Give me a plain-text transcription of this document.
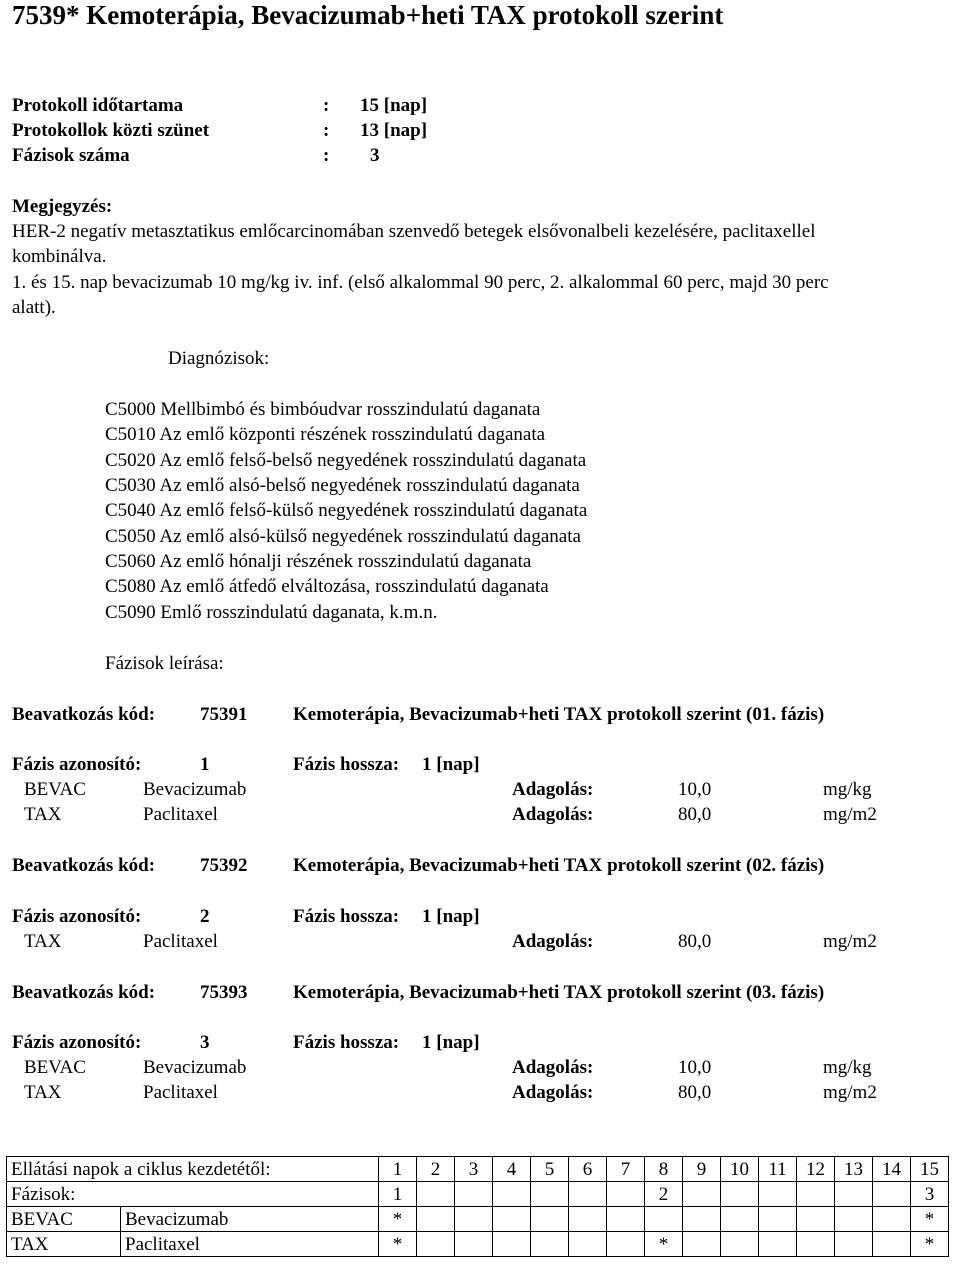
7539* Kemoterápia, Bevacizumab+heti TAX protokoll szerint
Protokoll időtartama	: 15 [nap]
Protokollok közti szünet	: 13 [nap]
Fázisok száma	: 3
Megjegyzés:
HER-2 negatív metasztatikus emlőcarcinomában szenvedő betegek elsővonalbeli kezelésére, paclitaxellel
kombinálva.
1. és 15. nap bevacizumab 10 mg/kg iv. inf. (első alkalommal 90 perc, 2. alkalommal 60 perc, majd 30 perc
alatt).
Diagnózisok:
C5000 Mellbimbó és bimbóudvar rosszindulatú daganata
C5010 Az emlő központi részének rosszindulatú daganata
C5020 Az emlő felső-belső negyedének rosszindulatú daganata
C5030 Az emlő alsó-belső negyedének rosszindulatú daganata
C5040 Az emlő felső-külső negyedének rosszindulatú daganata
C5050 Az emlő alsó-külső negyedének rosszindulatú daganata
C5060 Az emlő hónalji részének rosszindulatú daganata
C5080 Az emlő átfedő elváltozása, rosszindulatú daganata
C5090 Emlő rosszindulatú daganata, k.m.n.
Fázisok leírása:
Beavatkozás kód: 75391 Kemoterápia, Bevacizumab+heti TAX protokoll szerint (01. fázis)
Fázis azonosító:	1	Fázis hossza: 1 [nap]
BEVAC	Bevacizumab	Adagolás:	10,0	mg/kg
TAX	Paclitaxel	Adagolás:	80,0	mg/m2
Beavatkozás kód: 75392 Kemoterápia, Bevacizumab+heti TAX protokoll szerint (02. fázis)
Fázis azonosító:	2	Fázis hossza: 1 [nap]
TAX	Paclitaxel	Adagolás:	80,0	mg/m2
Beavatkozás kód: 75393 Kemoterápia, Bevacizumab+heti TAX protokoll szerint (03. fázis)
Fázis azonosító:	3	Fázis hossza: 1 [nap]
BEVAC	Bevacizumab	Adagolás:	10,0	mg/kg
TAX	Paclitaxel	Adagolás:	80,0	mg/m2
Ellátási napok a ciklus kezdetétől:		1	2	3	4	5	6	7	8	9	10	11	12	13	14	15
Fázisok:		1							2							3
BEVAC	Bevacizumab	*														*
TAX	Paclitaxel	*							*							*
